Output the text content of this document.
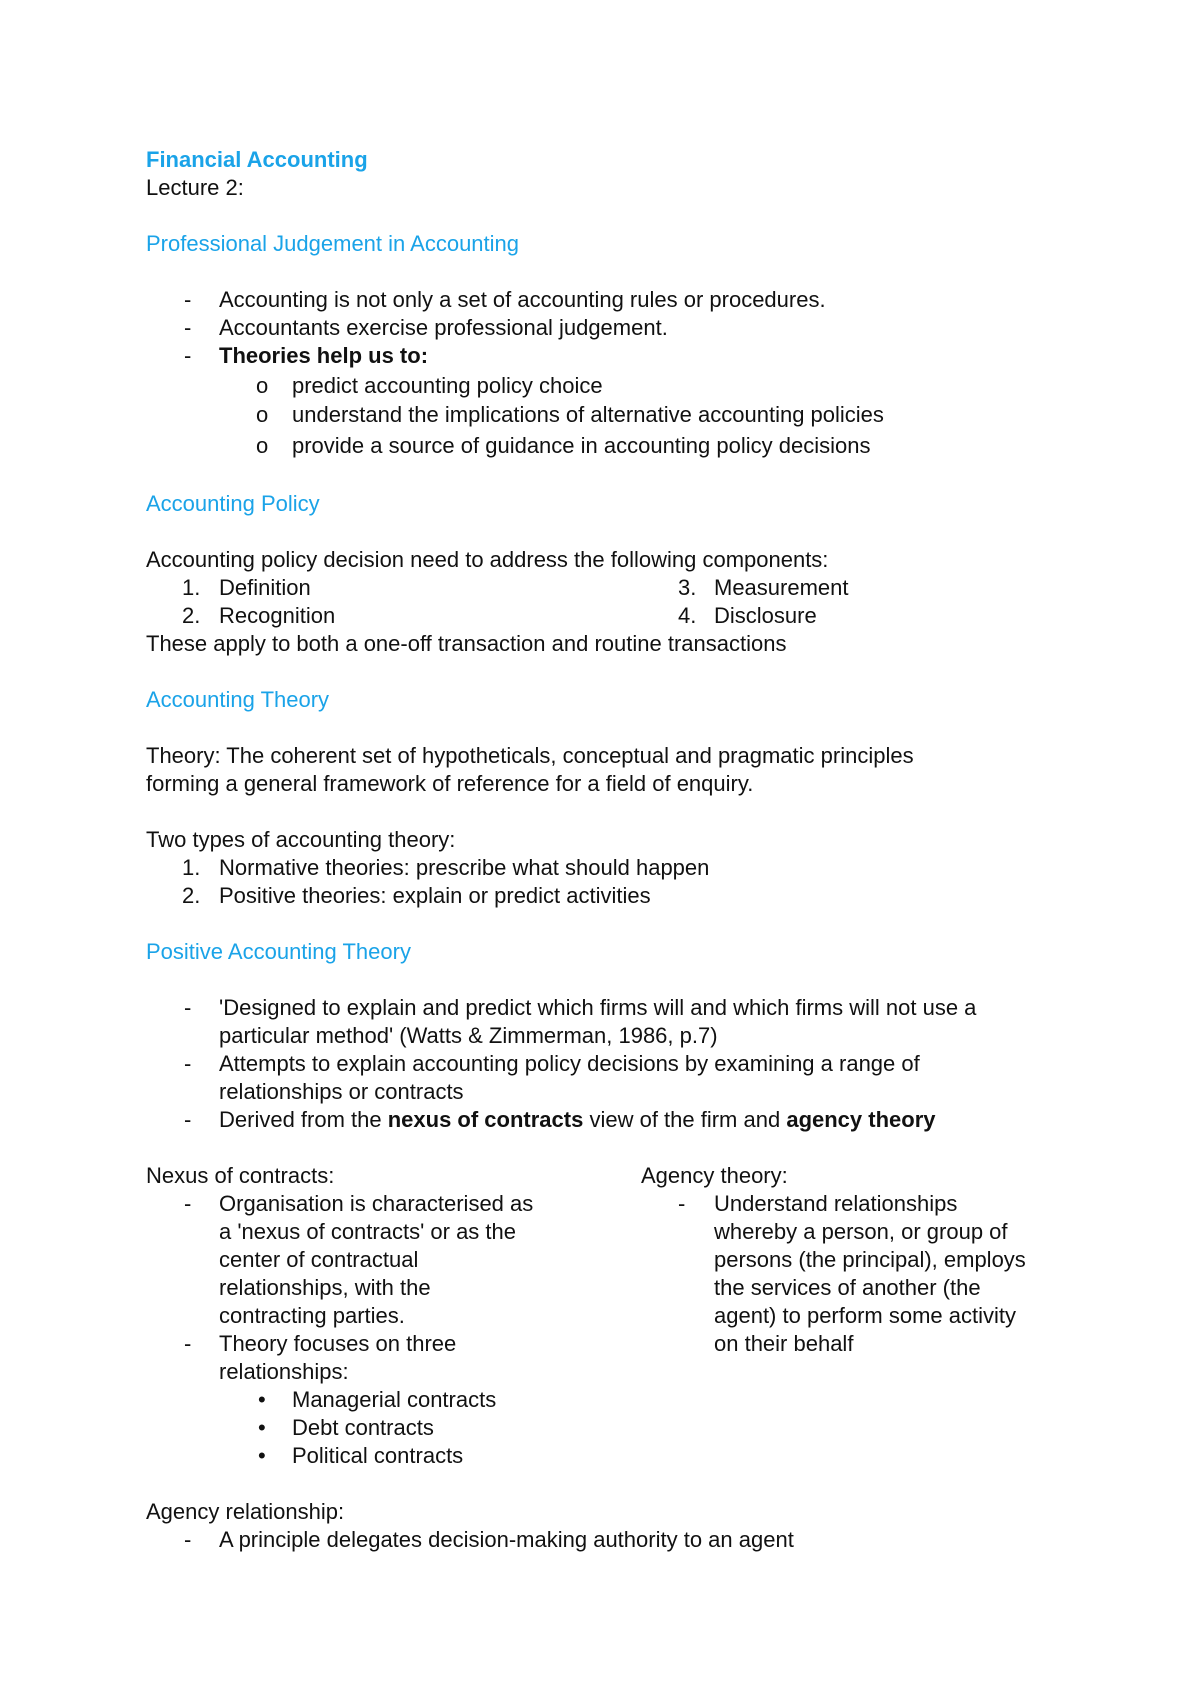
Financial Accounting
Lecture 2:
Professional Judgement in Accounting
- Accounting is not only a set of accounting rules or procedures.
- Accountants exercise professional judgement.
- Theories help us to:
o predict accounting policy choice
o understand the implications of alternative accounting policies
o provide a source of guidance in accounting policy decisions
Accounting Policy
Accounting policy decision need to address the following components:
1. Definition	3. Measurement
2. Recognition	4. Disclosure
These apply to both a one-off transaction and routine transactions
Accounting Theory
Theory: The coherent set of hypotheticals, conceptual and pragmatic principles
forming a general framework of reference for a field of enquiry.
Two types of accounting theory:
1. Normative theories: prescribe what should happen
2. Positive theories: explain or predict activities
Positive Accounting Theory
- 'Designed to explain and predict which firms will and which firms will not use a
particular method' (Watts & Zimmerman, 1986, p.7)
- Attempts to explain accounting policy decisions by examining a range of
relationships or contracts
- Derived from the nexus of contracts view of the firm and agency theory
Nexus of contracts:
- Organisation is characterised as
a 'nexus of contracts' or as the
center of contractual
relationships, with the
contracting parties.
- Theory focuses on three
relationships:
• Managerial contracts
• Debt contracts
• Political contracts
Agency theory:
- Understand relationships
whereby a person, or group of
persons (the principal), employs
the services of another (the
agent) to perform some activity
on their behalf
Agency relationship:
- A principle delegates decision-making authority to an agent
